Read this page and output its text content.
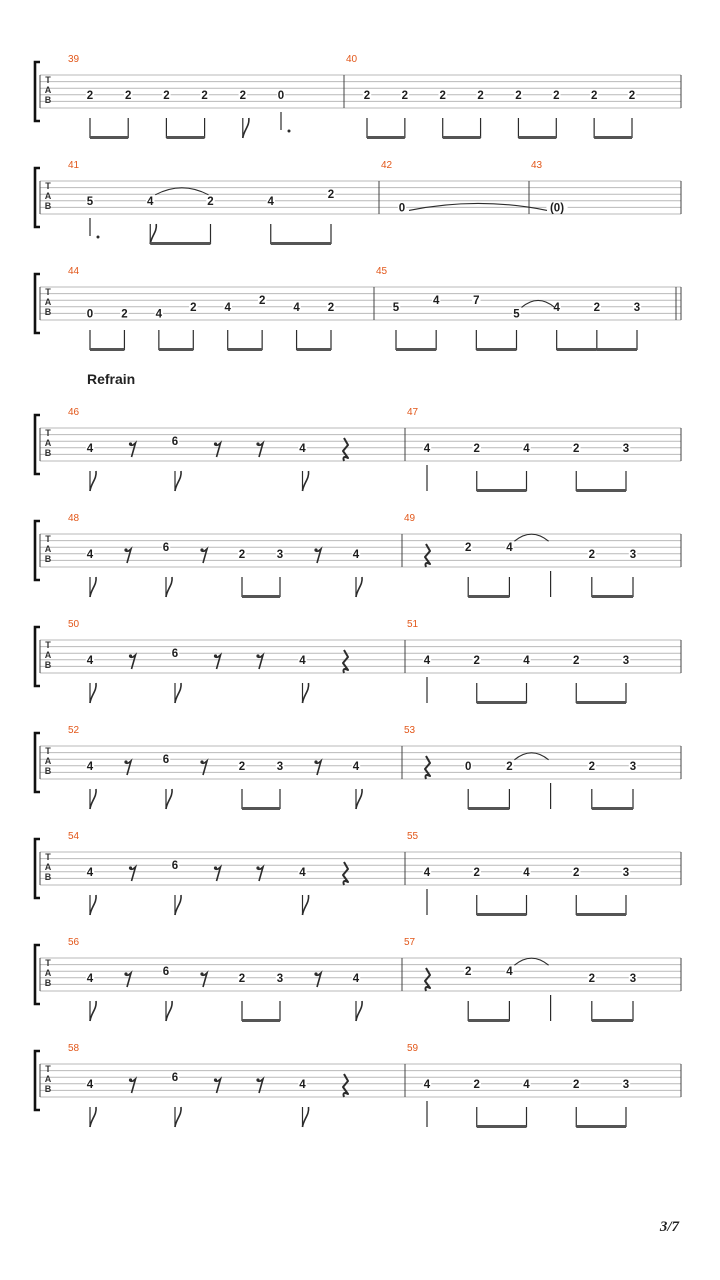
T
A
B
39
2	2	2	2	2	0
40
2	2	2	2	2	2	2	2
T
A
B
41
5	4	2	4
2
42
0
43
(0)
T
A
B
44
0 2 4
2 4
2
4 2
45
5
4	7
5
4	2	3
Refrain
T
A
B
46
4
6
4
47
4	2	4	2	3
T
A
B
48
4
6
2	3	4
49
2	4
2	3
T
A
B
50
4
6
4
51
4	2	4	2	3
T
A
B
52
4
6
2	3	4
53
0	2	2	3
T
A
B
54
4
6
4
55
4	2	4	2	3
T
A
B
56
4
6
2	3	4
57
2	4
2	3
T
A
B
58
4
6
4
59
4	2	4	2	3
3/7
